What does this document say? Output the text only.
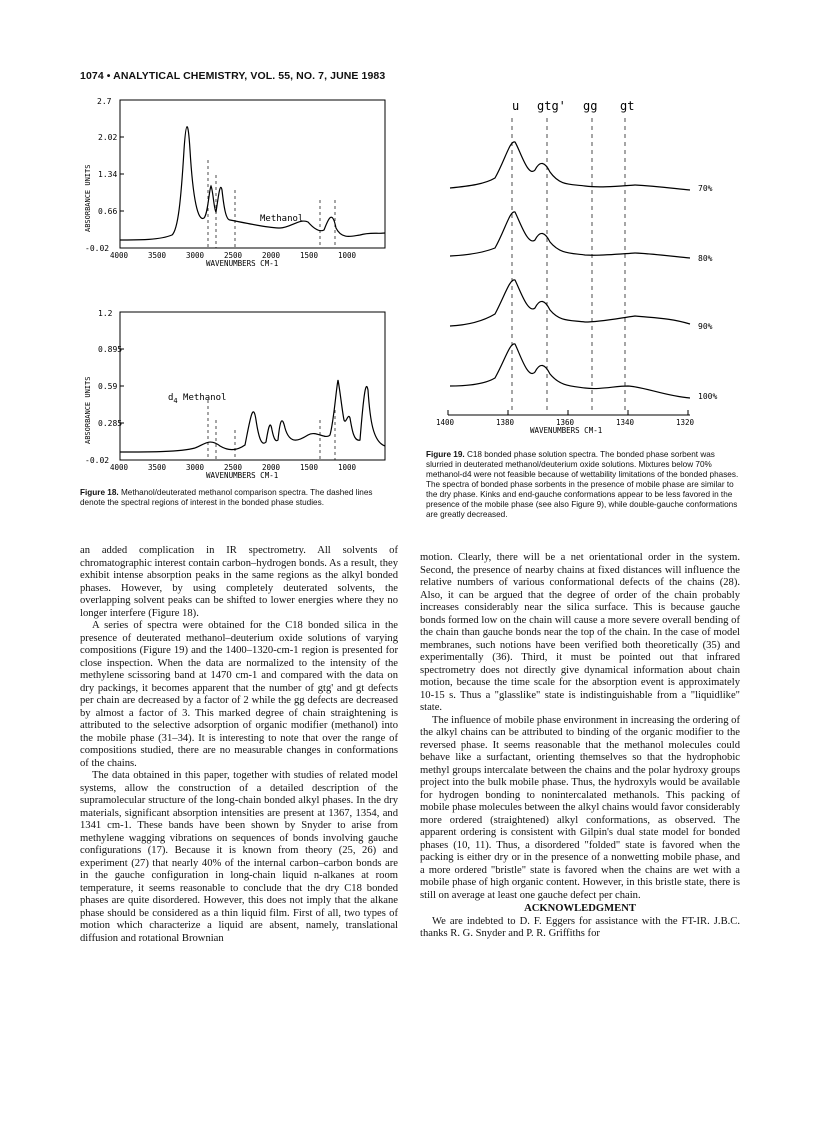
1074 • ANALYTICAL CHEMISTRY, VOL. 55, NO. 7, JUNE 1983
2.7
2.02
1.34
0.66
-0.02
ABSORBANCE UNITS
4000	3500	3000	2500	2000	1500	1000
WAVENUMBERS CM-1
Methanol
1.2
0.895
0.59
0.285
-0.02
ABSORBANCE UNITS
4000	3500	3000	2500	2000	1500	1000
WAVENUMBERS CM-1
$d_4$ Methanol
Figure 18. Methanol/deuterated methanol comparison spectra. The dashed lines denote the spectral regions of interest in the bonded phase studies.
u gtg' gg gt
70%
80%
90%
100%
1400	1380	1360	1340	1320
WAVENUMBERS CM-1
Figure 19. C18 bonded phase solution spectra. The bonded phase sorbent was slurried in deuterated methanol/deuterium oxide solutions. Mixtures below 70% methanol-d4 were not feasible because of wettability limitations of the bonded phases. The spectra of bonded phase sorbents in the presence of mobile phase are similar to the dry phase. Kinks and end-gauche conformations appear to be less favored in the presence of the mobile phase (see also Figure 9), while double-gauche conformations are greatly decreased.

an added complication in IR spectrometry. All solvents of chromatographic interest contain carbon–hydrogen bonds. As a result, they exhibit intense absorption peaks in the same regions as the alkyl bonded phases. However, by using completely deuterated solvents, the overlapping solvent peaks can be shifted to lower energies where they no longer interfere (Figure 18).

A series of spectra were obtained for the C18 bonded silica in the presence of deuterated methanol–deuterium oxide solutions of varying compositions (Figure 19) and the 1400–1320-cm-1 region is presented for close inspection. When the data are normalized to the intensity of the methylene scissoring band at 1470 cm-1 and compared with the data on dry packings, it becomes apparent that the number of gtg' and gt defects per chain are decreased by a factor of 2 while the gg defects are decreased by almost a factor of 3. This marked degree of chain straightening is attributed to the selective adsorption of organic modifier (methanol) into the mobile phase (31–34). It is interesting to note that over the range of compositions studied, there are no measurable changes in conformations of the chains.

The data obtained in this paper, together with studies of related model systems, allow the construction of a detailed description of the supramolecular structure of the long-chain bonded alkyl phases. In the dry materials, significant absorption intensities are present at 1367, 1354, and 1341 cm-1. These bands have been shown by Snyder to arise from methylene wagging vibrations on sequences of bonds involving gauche configurations (17). Because it is known from theory (25, 26) and experiment (27) that nearly 40% of the internal carbon–carbon bonds are in the gauche configuration in long-chain liquid n-alkanes at room temperature, it seems reasonable to conclude that the dry C18 bonded phases are quite disordered. However, this does not imply that the alkane phase should be considered as a thin liquid film. First of all, two types of motion which characterize a liquid are absent, namely, translational diffusion and rotational Brownian

motion. Clearly, there will be a net orientational order in the system. Second, the presence of nearby chains at fixed distances will influence the relative numbers of various conformational defects of the chains (28). Also, it can be argued that the degree of order of the chain probably increases considerably near the silica surface. This is because gauche bonds formed low on the chain will cause a more severe overall bending of the chain than gauche bonds near the top of the chain. In the case of model membranes, such notions have been verified both theoretically (35) and experimentally (36). Third, it must be pointed out that infrared spectrometry does not directly give dynamical information about chain motion, because the time scale for the absorption event is approximately 10-15 s. Thus a "glasslike" state is indistinguishable from a "liquidlike" state.

The influence of mobile phase environment in increasing the ordering of the alkyl chains can be attributed to binding of the organic modifier to the reversed phase. It seems reasonable that the methanol molecules could behave like a surfactant, orienting themselves so that the hydrophobic methyl groups intercalate between the chains and the polar hydroxy groups project into the bulk mobile phase. Thus, the hydroxyls would be available for hydrogen bonding to nonintercalated methanols. This packing of mobile phase molecules between the alkyl chains would favor considerably more ordered (straightened) alkyl conformations, as observed. The apparent ordering is consistent with Gilpin's dual state model for bonded phases (10, 11). Thus, a disordered "folded" state is favored when the packing is either dry or in the presence of a nonwetting mobile phase, and a more ordered "bristle" state is favored when the chains are wet with a mobile phase of high organic content. However, in this bristle state, there is still on average at least one gauche defect per chain.

ACKNOWLEDGMENT

We are indebted to D. F. Eggers for assistance with the FT-IR. J.B.C. thanks R. G. Snyder and P. R. Griffiths for
